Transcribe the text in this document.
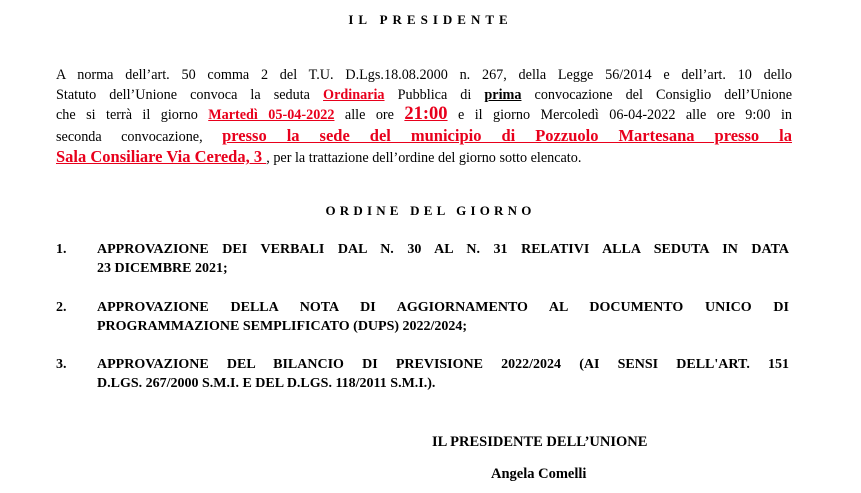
IL PRESIDENTE
A norma dell’art. 50 comma 2 del T.U. D.Lgs.18.08.2000 n. 267, della Legge 56/2014 e dell’art. 10 dello
Statuto dell’Unione convoca la seduta Ordinaria Pubblica di prima convocazione del Consiglio dell’Unione
che si terrà il giorno Martedì 05-04-2022 alle ore 21:00 e il giorno Mercoledì 06-04-2022 alle ore 9:00 in
seconda convocazione, presso la sede del municipio di Pozzuolo Martesana presso la
Sala Consiliare Via Cereda, 3 , per la trattazione dell’ordine del giorno sotto elencato.
ORDINE DEL GIORNO
1. APPROVAZIONE DEI VERBALI DAL N. 30 AL N. 31 RELATIVI ALLA SEDUTA IN DATA
23 DICEMBRE 2021;
2. APPROVAZIONE DELLA NOTA DI AGGIORNAMENTO AL DOCUMENTO UNICO DI
PROGRAMMAZIONE SEMPLIFICATO (DUPS) 2022/2024;
3. APPROVAZIONE DEL BILANCIO DI PREVISIONE 2022/2024 (AI SENSI DELL'ART. 151
D.LGS. 267/2000 S.M.I. E DEL D.LGS. 118/2011 S.M.I.).
IL PRESIDENTE DELL’UNIONE
Angela Comelli
